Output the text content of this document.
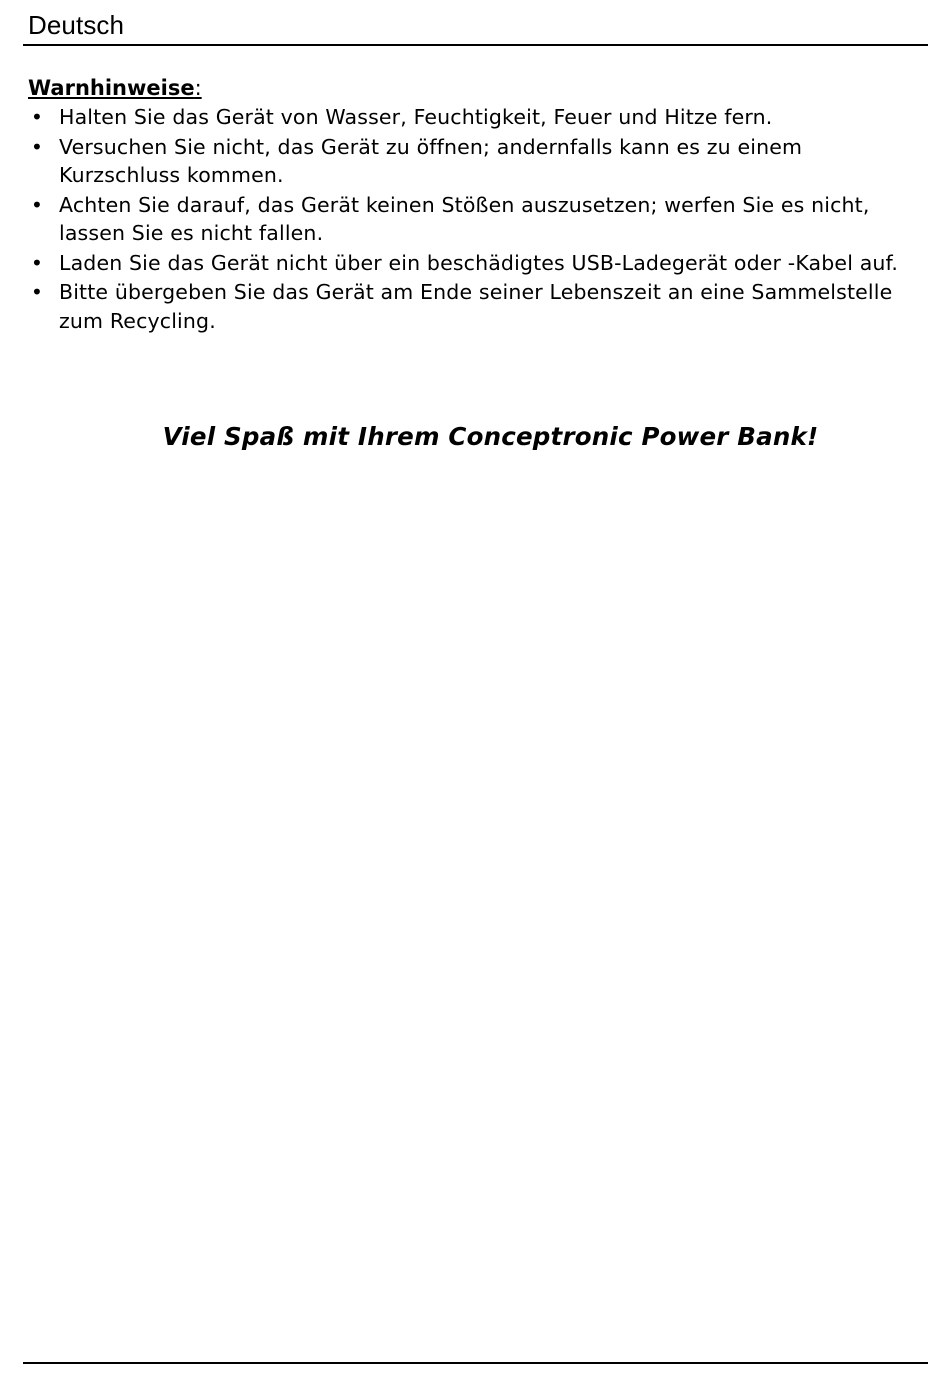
Deutsch

Warnhinweise:

• Halten Sie das Gerät von Wasser, Feuchtigkeit, Feuer und Hitze fern.
• Versuchen Sie nicht, das Gerät zu öffnen; andernfalls kann es zu einem Kurzschluss kommen.
• Achten Sie darauf, das Gerät keinen Stößen auszusetzen; werfen Sie es nicht, lassen Sie es nicht fallen.
• Laden Sie das Gerät nicht über ein beschädigtes USB-Ladegerät oder -Kabel auf.
• Bitte übergeben Sie das Gerät am Ende seiner Lebenszeit an eine Sammelstelle zum Recycling.
Viel Spaß mit Ihrem Conceptronic Power Bank!
